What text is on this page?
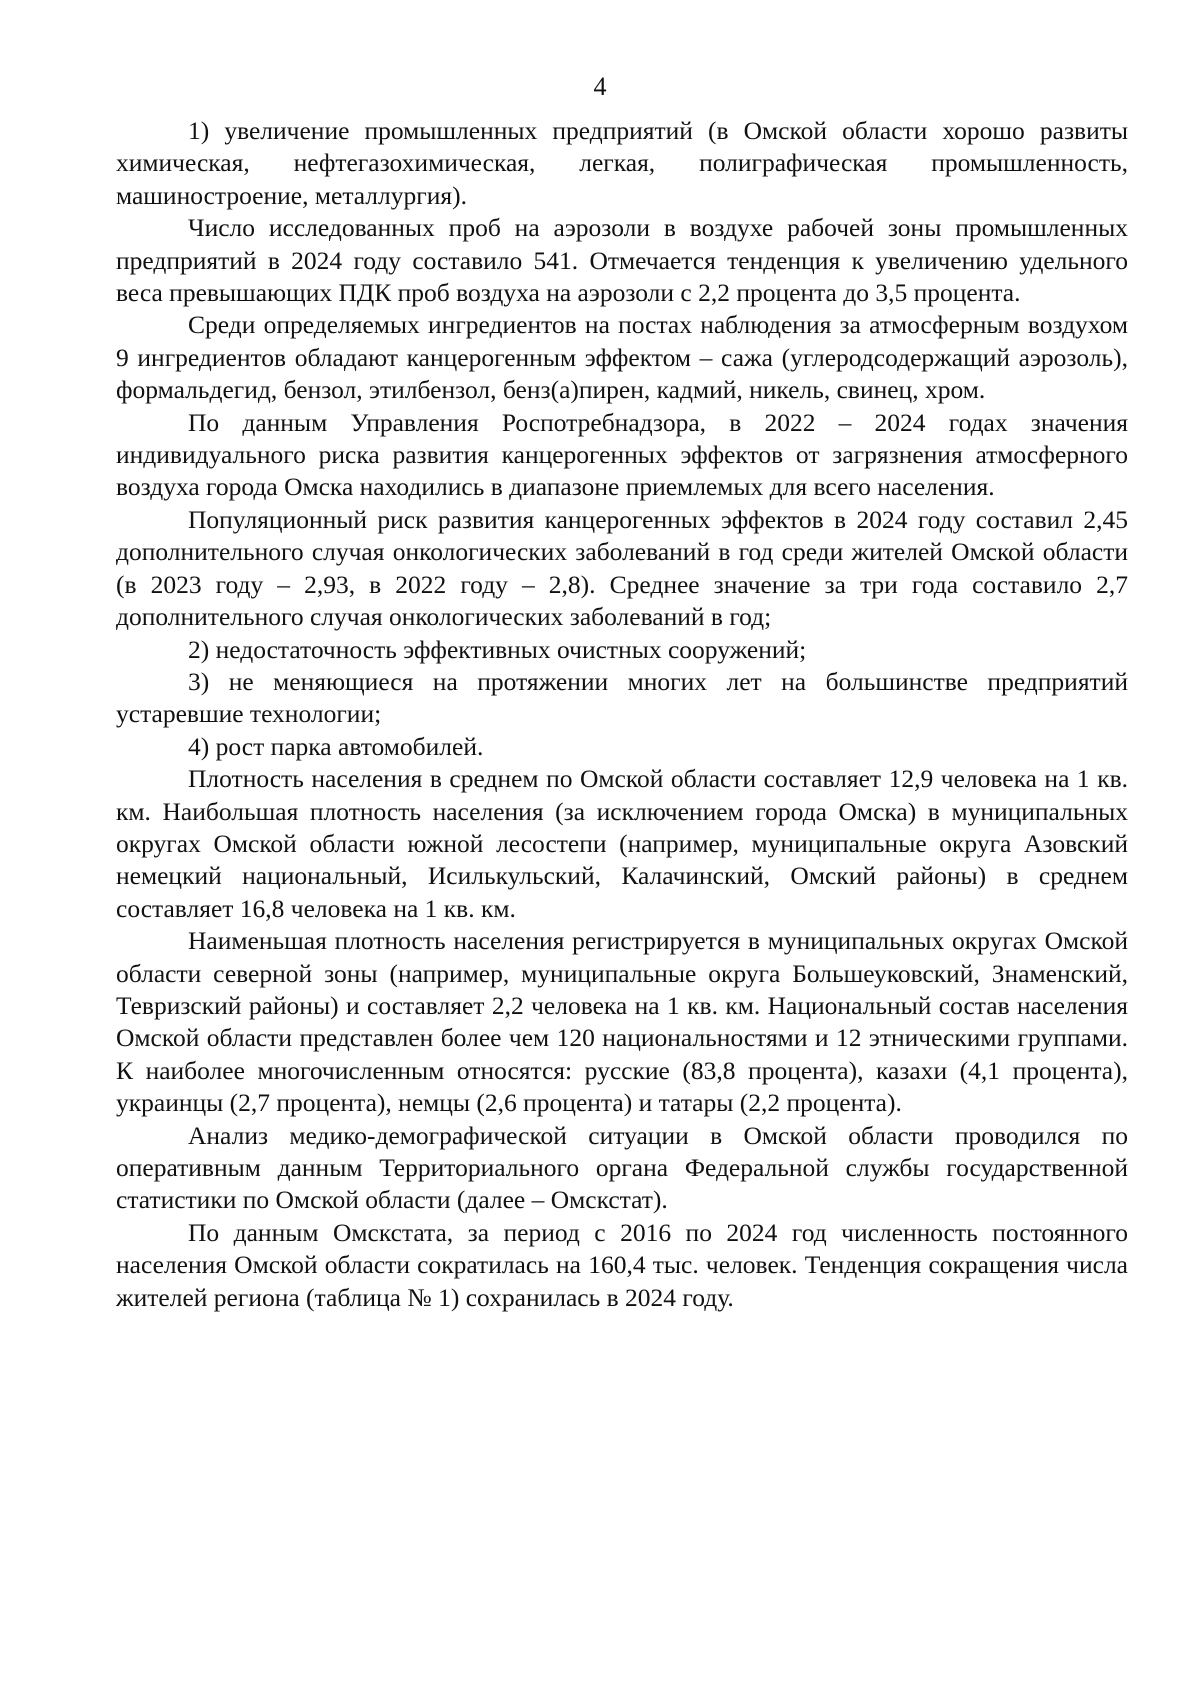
4

1) увеличение промышленных предприятий (в Омской области хорошо развиты химическая, нефтегазохимическая, легкая, полиграфическая промышленность, машиностроение, металлургия).

Число исследованных проб на аэрозоли в воздухе рабочей зоны промышленных предприятий в 2024 году составило 541. Отмечается тенденция к увеличению удельного веса превышающих ПДК проб воздуха на аэрозоли с 2,2 процента до 3,5 процента.

Среди определяемых ингредиентов на постах наблюдения за атмосферным воздухом 9 ингредиентов обладают канцерогенным эффектом – сажа (углеродсодержащий аэрозоль), формальдегид, бензол, этилбензол, бенз(а)пирен, кадмий, никель, свинец, хром.

По данным Управления Роспотребнадзора, в 2022 – 2024 годах значения индивидуального риска развития канцерогенных эффектов от загрязнения атмосферного воздуха города Омска находились в диапазоне приемлемых для всего населения.

Популяционный риск развития канцерогенных эффектов в 2024 году составил 2,45 дополнительного случая онкологических заболеваний в год среди жителей Омской области (в 2023 году – 2,93, в 2022 году – 2,8). Среднее значение за три года составило 2,7 дополнительного случая онкологических заболеваний в год;

2) недостаточность эффективных очистных сооружений;

3) не меняющиеся на протяжении многих лет на большинстве предприятий устаревшие технологии;

4) рост парка автомобилей.

Плотность населения в среднем по Омской области составляет 12,9 человека на 1 кв. км. Наибольшая плотность населения (за исключением города Омска) в муниципальных округах Омской области южной лесостепи (например, муниципальные округа Азовский немецкий национальный, Исилькульский, Калачинский, Омский районы) в среднем составляет 16,8 человека на 1 кв. км.

Наименьшая плотность населения регистрируется в муниципальных округах Омской области северной зоны (например, муниципальные округа Большеуковский, Знаменский, Тевризский районы) и составляет 2,2 человека на 1 кв. км. Национальный состав населения Омской области представлен более чем 120 национальностями и 12 этническими группами. К наиболее многочисленным относятся: русские (83,8 процента), казахи (4,1 процента), украинцы (2,7 процента), немцы (2,6 процента) и татары (2,2 процента).

Анализ медико-демографической ситуации в Омской области проводился по оперативным данным Территориального органа Федеральной службы государственной статистики по Омской области (далее – Омскстат).

По данным Омскстата, за период с 2016 по 2024 год численность постоянного населения Омской области сократилась на 160,4 тыс. человек. Тенденция сокращения числа жителей региона (таблица № 1) сохранилась в 2024 году.
